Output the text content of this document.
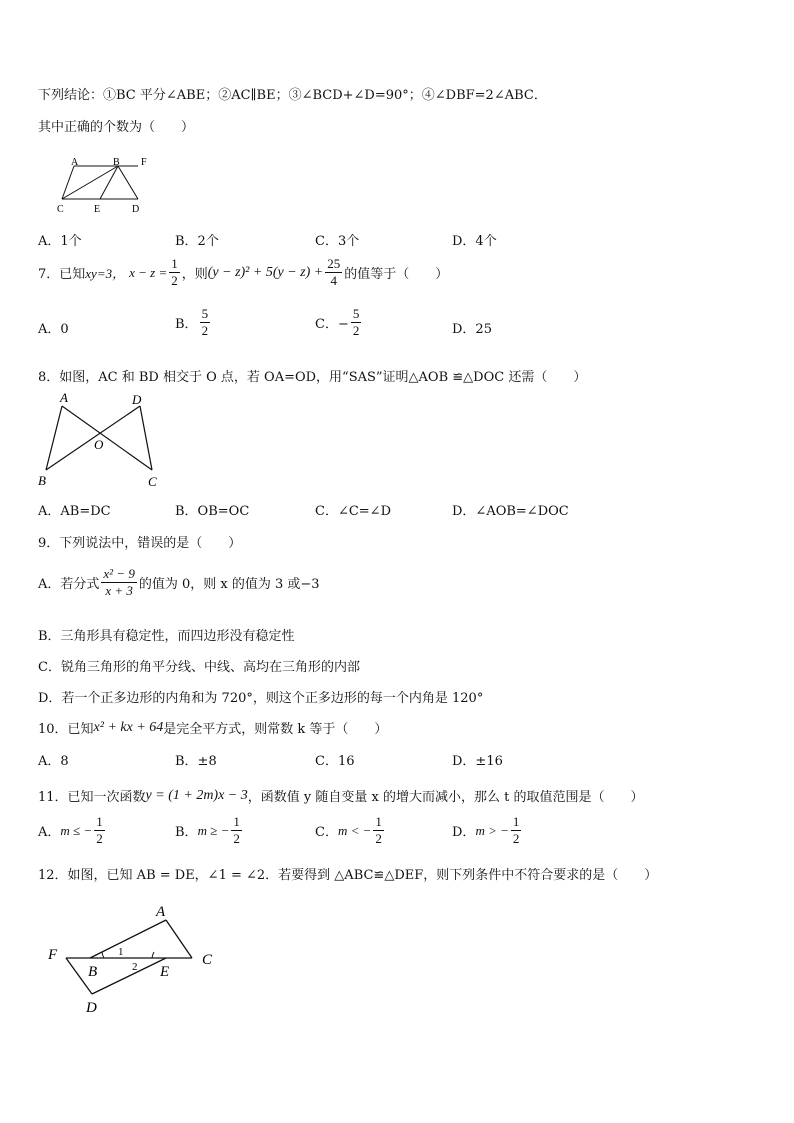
下列结论：①BC 平分∠ABE；②AC∥BE；③∠BCD+∠D=90°；④∠DBF=2∠ABC．
其中正确的个数为（　　）
A	B F
C	E	D
A．1个	B．2个	C．3个	D．4个
7．已知 xy=3， $x - z = \frac{1}{2}$ ，则 $(y - z)^2 + 5(y - z) + \frac{25}{4}$ 的值等于（　　）
A．0	B． $\frac{5}{2}$	C．− $\frac{5}{2}$	D．25
8．如图，AC 和 BD 相交于 O 点，若 OA=OD，用“SAS”证明△AOB ≌△DOC 还需（　　）
A	D
O
B	C
A．AB=DC	B．OB=OC	C．∠C=∠D	D．∠AOB=∠DOC
9．下列说法中，错误的是（　　）
A．若分式 $\frac{\text{x² − 9}}{x + 3}$ 的值为 0，则 x 的值为 3 或−3
B．三角形具有稳定性，而四边形没有稳定性
C．锐角三角形的角平分线、中线、高均在三角形的内部
D．若一个正多边形的内角和为 720°，则这个正多边形的每一个内角是 120°
10．已知 x² + kx + 64 是完全平方式，则常数 k 等于（　　）
A．8	B．±8	C．16	D．±16
11．已知一次函数 y = (1 + 2m)x − 3 ，函数值 y 随自变量 x 的增大而减小，那么 t 的取值范围是（　　）
A． m ≤ − $\frac{1}{2}$	B． m ≥ − $\frac{1}{2}$	C． m < − $\frac{1}{2}$	D． m > − $\frac{1}{2}$
12．如图，已知 AB = DE，∠1 = ∠2．若要得到 △ABC≌△DEF，则下列条件中不符合要求的是（　　）
A
F
B
1
2 E
C
D
